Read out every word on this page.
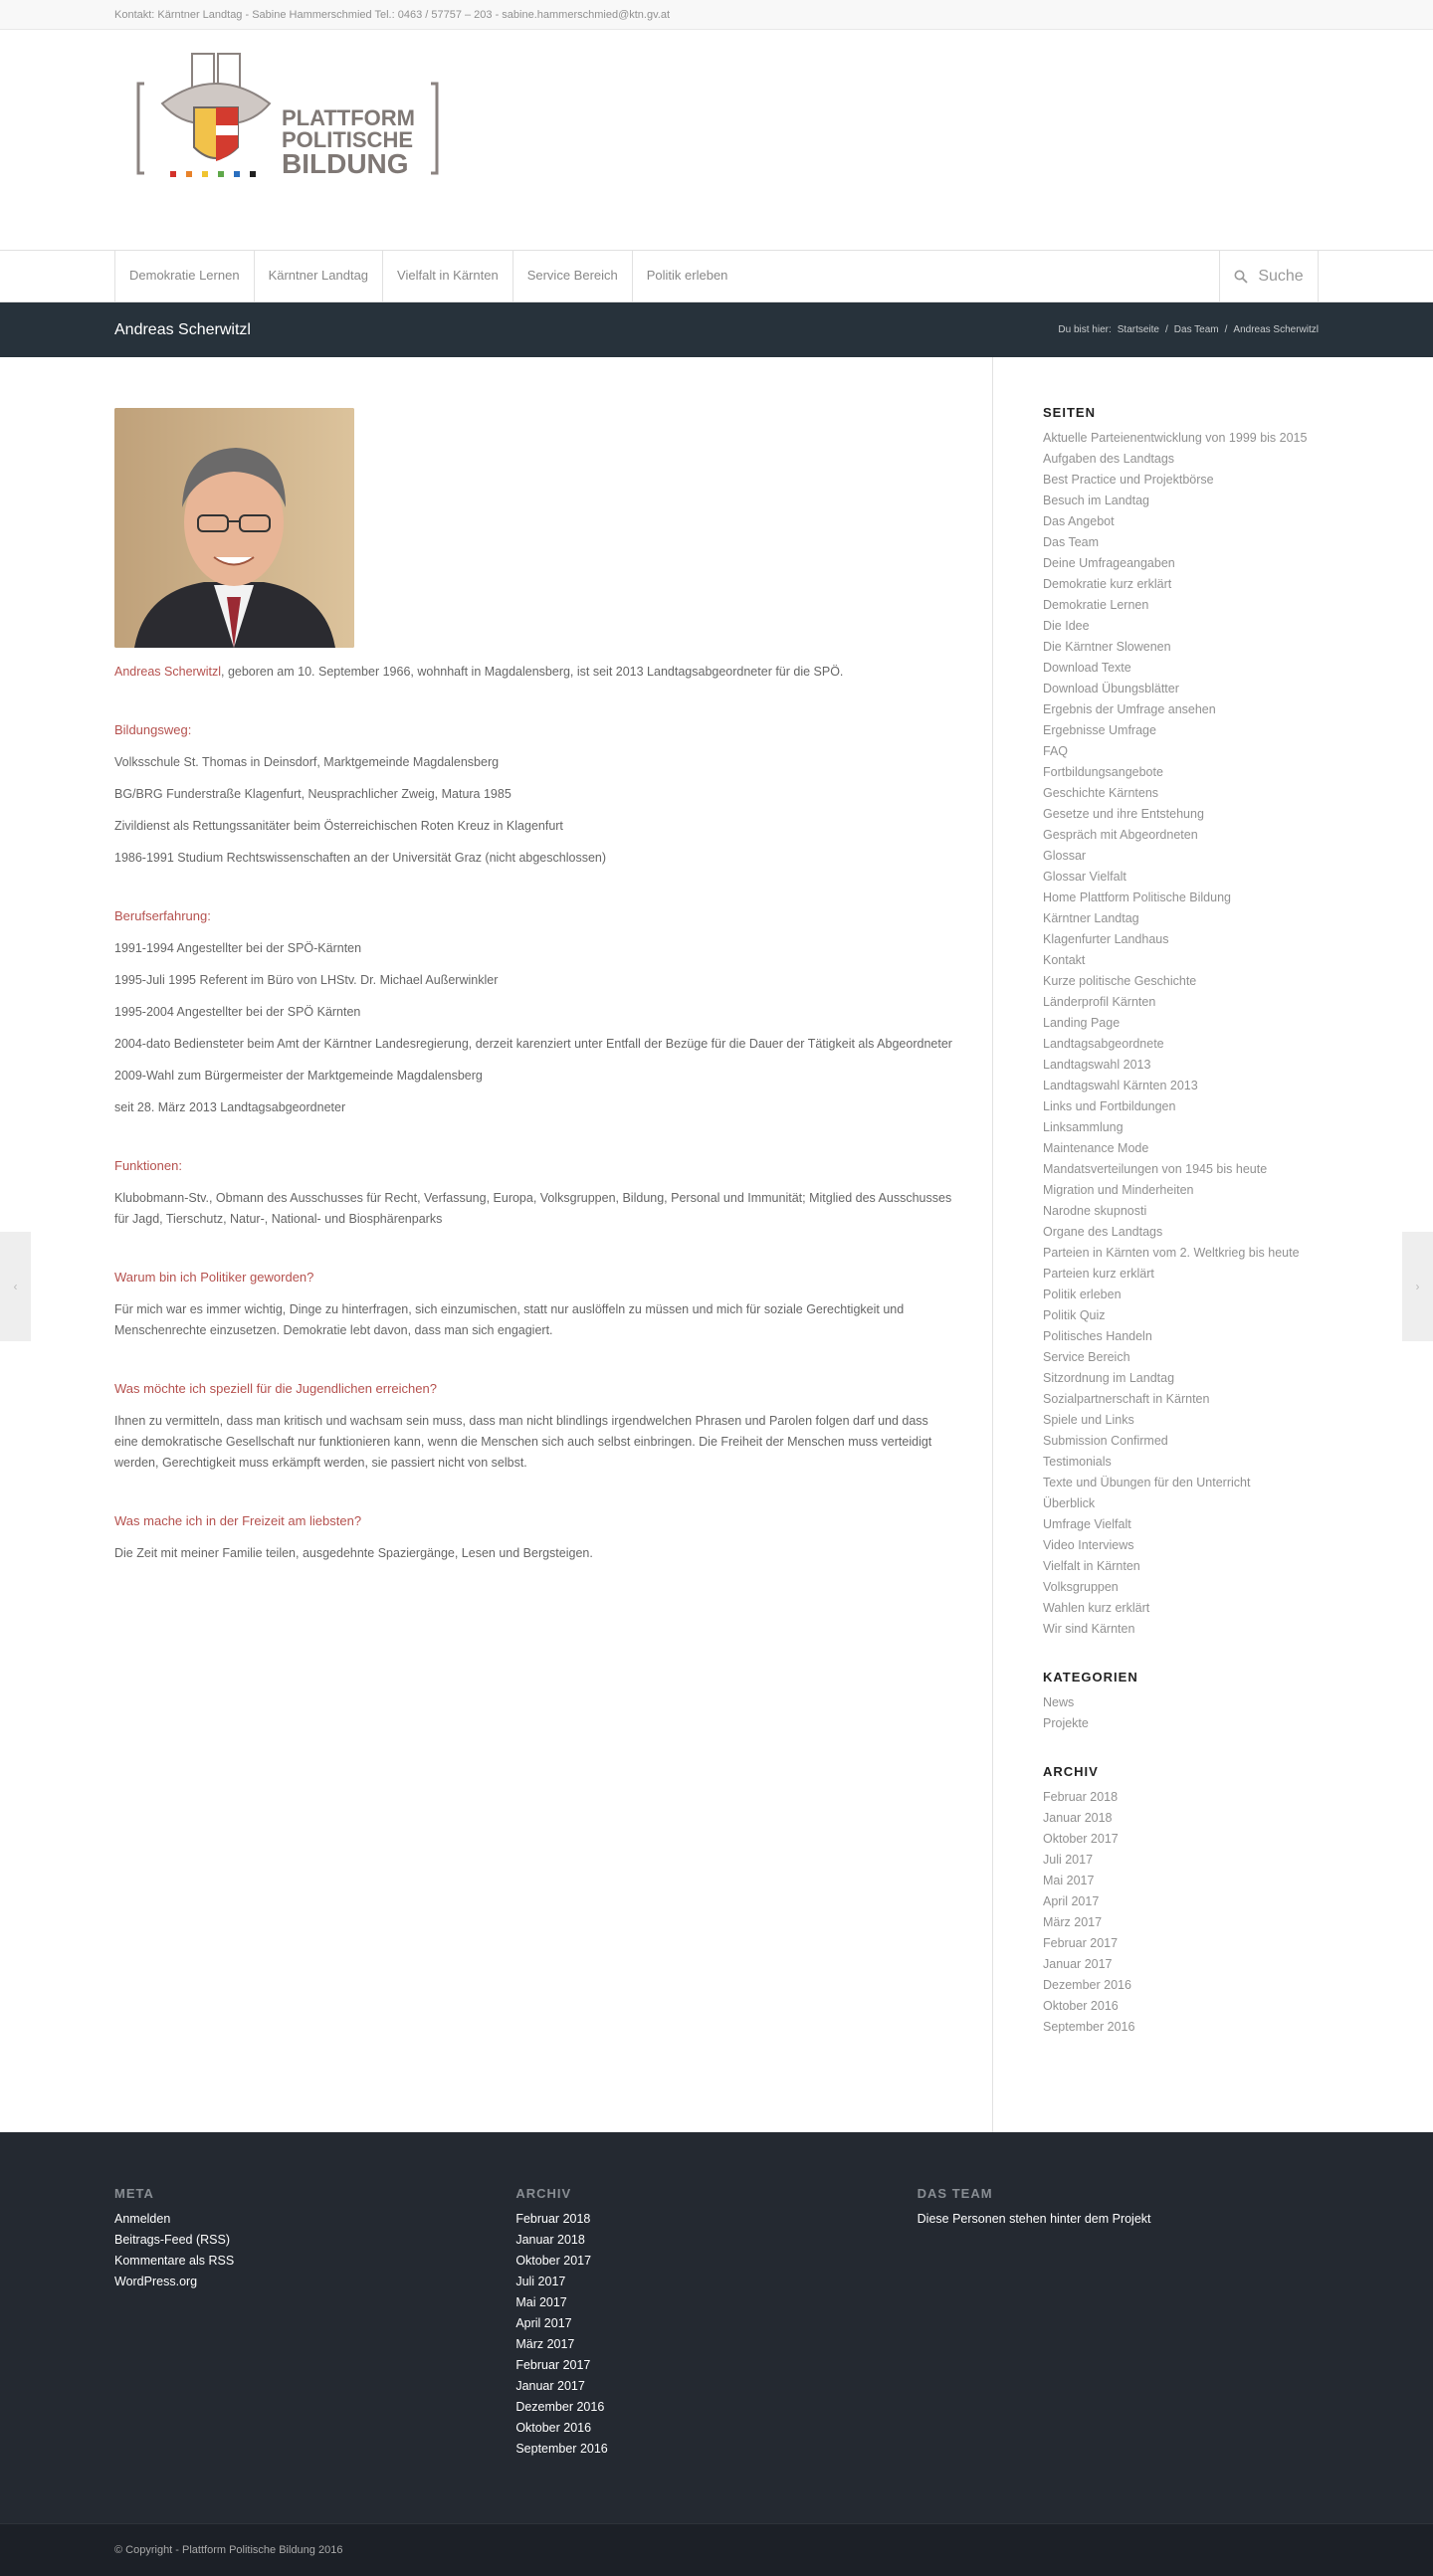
Kontakt: Kärntner Landtag - Sabine Hammerschmied Tel.: 0463 / 57757 – 203 - sabine.hammerschmied@ktn.gv.at
PLATTFORM
POLITISCHE
BILDUNG
Demokratie Lernen	Kärntner Landtag	Vielfalt in Kärnten	Service Bereich	Politik erleben	Suche
Andreas Scherwitzl	Du bist hier: Startseite / Das Team / Andreas Scherwitzl

Andreas Scherwitzl, geboren am 10. September 1966, wohnhaft in Magdalensberg, ist seit 2013 Landtagsabgeordneter für die SPÖ.

Bildungsweg:

Volksschule St. Thomas in Deinsdorf, Marktgemeinde Magdalensberg

BG/BRG Funderstraße Klagenfurt, Neusprachlicher Zweig, Matura 1985

Zivildienst als Rettungssanitäter beim Österreichischen Roten Kreuz in Klagenfurt

1986-1991 Studium Rechtswissenschaften an der Universität Graz (nicht abgeschlossen)

Berufserfahrung:

1991-1994 Angestellter bei der SPÖ-Kärnten

1995-Juli 1995 Referent im Büro von LHStv. Dr. Michael Außerwinkler

1995-2004 Angestellter bei der SPÖ Kärnten

2004-dato Bediensteter beim Amt der Kärntner Landesregierung, derzeit karenziert unter Entfall der Bezüge für die Dauer der Tätigkeit als Abgeordneter

2009-Wahl zum Bürgermeister der Marktgemeinde Magdalensberg

seit 28. März 2013 Landtagsabgeordneter

Funktionen:

Klubobmann-Stv., Obmann des Ausschusses für Recht, Verfassung, Europa, Volksgruppen, Bildung, Personal und Immunität; Mitglied des Ausschusses für Jagd, Tierschutz, Natur-, National- und Biosphärenparks

Warum bin ich Politiker geworden?

Für mich war es immer wichtig, Dinge zu hinterfragen, sich einzumischen, statt nur auslöffeln zu müssen und mich für soziale Gerechtigkeit und Menschenrechte einzusetzen. Demokratie lebt davon, dass man sich engagiert.

Was möchte ich speziell für die Jugendlichen erreichen?

Ihnen zu vermitteln, dass man kritisch und wachsam sein muss, dass man nicht blindlings irgendwelchen Phrasen und Parolen folgen darf und dass eine demokratische Gesellschaft nur funktionieren kann, wenn die Menschen sich auch selbst einbringen. Die Freiheit der Menschen muss verteidigt werden, Gerechtigkeit muss erkämpft werden, sie passiert nicht von selbst.

Was mache ich in der Freizeit am liebsten?

Die Zeit mit meiner Familie teilen, ausgedehnte Spaziergänge, Lesen und Bergsteigen.

SEITEN
Aktuelle Parteienentwicklung von 1999 bis 2015
Aufgaben des Landtags
Best Practice und Projektbörse
Besuch im Landtag
Das Angebot
Das Team
Deine Umfrageangaben
Demokratie kurz erklärt
Demokratie Lernen
Die Idee
Die Kärntner Slowenen
Download Texte
Download Übungsblätter
Ergebnis der Umfrage ansehen
Ergebnisse Umfrage
FAQ
Fortbildungsangebote
Geschichte Kärntens
Gesetze und ihre Entstehung
Gespräch mit Abgeordneten
Glossar
Glossar Vielfalt
Home Plattform Politische Bildung
Kärntner Landtag
Klagenfurter Landhaus
Kontakt
Kurze politische Geschichte
Länderprofil Kärnten
Landing Page
Landtagsabgeordnete
Landtagswahl 2013
Landtagswahl Kärnten 2013
Links und Fortbildungen
Linksammlung
Maintenance Mode
Mandatsverteilungen von 1945 bis heute
Migration und Minderheiten
Narodne skupnosti
Organe des Landtags
Parteien in Kärnten vom 2. Weltkrieg bis heute
Parteien kurz erklärt
Politik erleben
Politik Quiz
Politisches Handeln
Service Bereich
Sitzordnung im Landtag
Sozialpartnerschaft in Kärnten
Spiele und Links
Submission Confirmed
Testimonials
Texte und Übungen für den Unterricht
Überblick
Umfrage Vielfalt
Video Interviews
Vielfalt in Kärnten
Volksgruppen
Wahlen kurz erklärt
Wir sind Kärnten
KATEGORIEN
News
Projekte
ARCHIV
Februar 2018
Januar 2018
Oktober 2017
Juli 2017
Mai 2017
April 2017
März 2017
Februar 2017
Januar 2017
Dezember 2016
Oktober 2016
September 2016
‹	›
META
Anmelden
Beitrags-Feed (RSS)
Kommentare als RSS
WordPress.org
ARCHIV
Februar 2018
Januar 2018
Oktober 2017
Juli 2017
Mai 2017
April 2017
März 2017
Februar 2017
Januar 2017
Dezember 2016
Oktober 2016
September 2016
DAS TEAM

Diese Personen stehen hinter dem Projekt

© Copyright - Plattform Politische Bildung 2016
